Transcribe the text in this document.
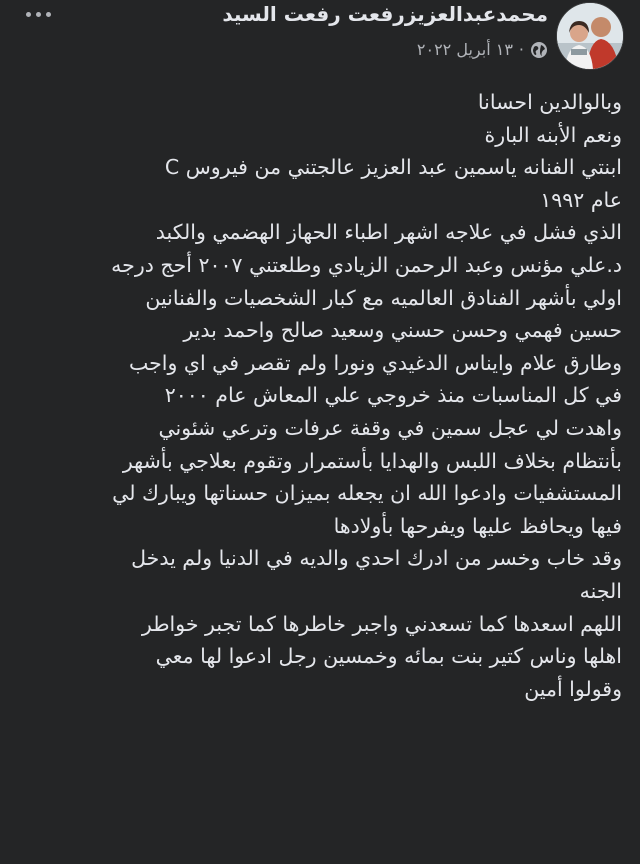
محمدعبدالعزيزرفعت رفعت السيد
١٣ أبريل ٢٠٢٢ ·
وبالوالدين احسانا
ونعم الأبنه البارة
ابنتي الفنانه ياسمين عبد العزيز عالجتني من فيروس C
عام ١٩٩٢
الذي فشل في علاجه اشهر اطباء الحهاز الهضمي والكبد
د.علي مؤنس وعبد الرحمن الزيادي وطلعتني ٢٠٠٧ أحج درجه
اولي بأشهر الفنادق العالميه مع كبار الشخصيات والفنانين
حسين فهمي وحسن حسني وسعيد صالح واحمد بدير
وطارق علام وايناس الدغيدي ونورا ولم تقصر في اي واجب
في كل المناسبات منذ خروجي علي المعاش عام ٢٠٠٠
واهدت لي عجل سمين في وقفة عرفات وترعي شئوني
بأنتظام بخلاف اللبس والهدايا بأستمرار وتقوم بعلاجي بأشهر
المستشفيات وادعوا الله ان يجعله بميزان حسناتها ويبارك لي
فيها ويحافظ عليها ويفرحها بأولادها
وقد خاب وخسر من ادرك احدي والديه في الدنيا ولم يدخل
الجنه
اللهم اسعدها كما تسعدني واجبر خاطرها كما تجبر خواطر
اهلها وناس كتير بنت بمائه وخمسين رجل ادعوا لها معي
وقولوا أمين
